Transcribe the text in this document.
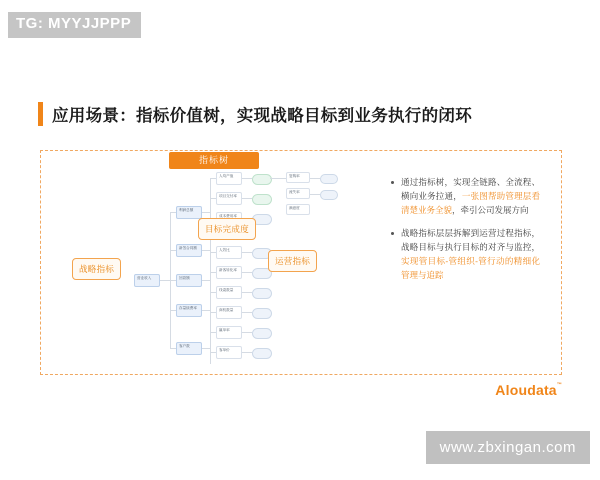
TG: MYYJJPPP
应用场景：指标价值树，实现战略目标到业务执行的闭环
指标树
营业收入
利润总额
新签合同额
回款额
存量续费率
客户数
人均产值
项目交付率
成本费用率
人效比
新客转化率
线索数量
商机数量
赢单率
客单价
复购率
流失率
满意度
战略指标
目标完成度
运营指标
通过指标树，实现全链路、全流程、横向业务拉通，一张图帮助管理层看清楚业务全貌，牵引公司发展方向
战略指标层层拆解到运营过程指标，战略目标与执行目标的对齐与监控，实现管目标-管组织-管行动的精细化管理与追踪
Aloudata™
www.zbxingan.com
